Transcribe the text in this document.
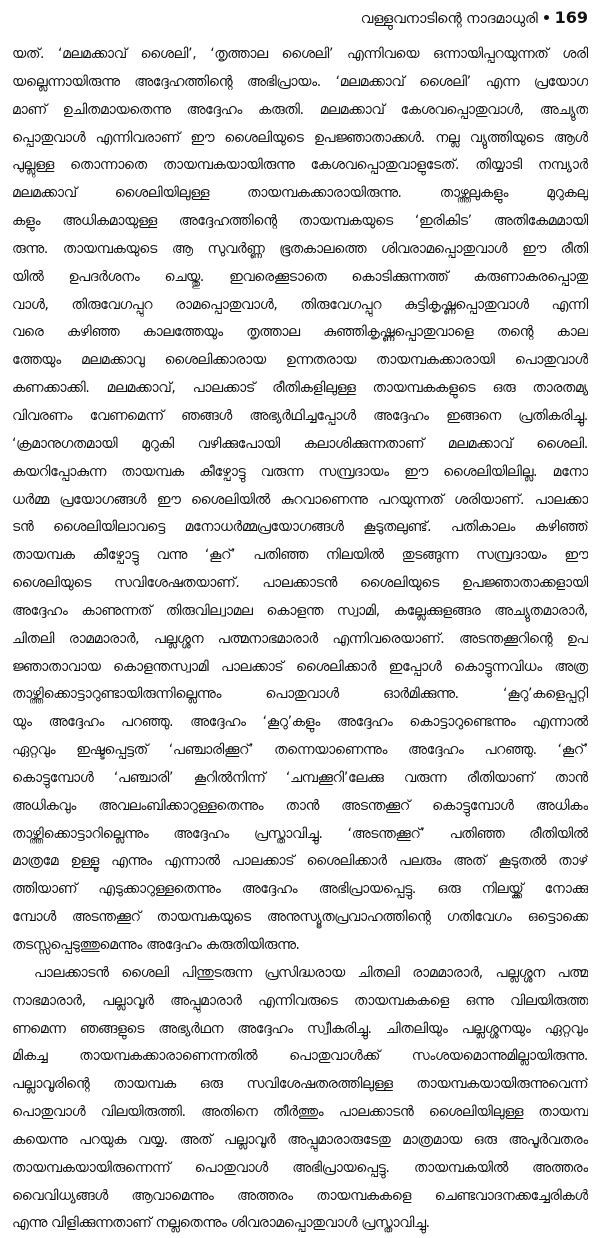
വള്ളുവനാടിന്റെ നാദമാധുരി 169
യത്. ‘മലമക്കാവ് ശൈലി’, ‘തൃത്താല ശൈലി’ എന്നിവയെ ഒന്നായിപ്പറയുന്നത് ശരി
യല്ലെന്നായിരുന്നു അദ്ദേഹത്തിന്റെ അഭിപ്രായം. ‘മലമക്കാവ് ശൈലി’ എന്ന പ്രയോഗ
മാണ് ഉചിതമായതെന്നു അദ്ദേഹം കരുതി. മലമക്കാവ് കേശവപ്പൊതുവാൾ, അച്യുത
പ്പൊതുവാൾ എന്നിവരാണ് ഈ ശൈലിയുടെ ഉപജ്ഞാതാക്കൾ. നല്ല വ്യുത്തിയുടെ ആൾ
പുല്ലുള്ള തൊന്നാതെ തായമ്പകയായിരുന്നു കേശവപ്പൊതുവാളുടേത്. തിയ്യാടി നമ്പ്യാർ
മലമക്കാവ് ശൈലിയിലുള്ള തായമ്പകക്കാരായിരുന്നു. താഴ്ത്തലുകളും മുറുകലു
കളും അധികമായുള്ള അദ്ദേഹത്തിന്റെ തായമ്പകയുടെ ‘ഇരികിട’ അതികേമമായി
രുന്നു. തായമ്പകയുടെ ആ സുവർണ്ണ ഭൂതകാലത്തെ ശിവരാമപ്പൊതുവാൾ ഈ രീതി
യിൽ ഉപദർശനം ചെയ്തു. ഇവരെക്കൂടാതെ കൊടിക്കുന്നത്ത് കരുണാകരപ്പൊതു
വാൾ, തിരുവേഗപ്പുറ രാമപ്പൊതുവാൾ, തിരുവേഗപ്പുറ കുട്ടികൃഷ്ണപ്പൊതുവാൾ എന്നി
വരെ കഴിഞ്ഞ കാലത്തേയും തൃത്താല കുഞ്ഞികൃഷ്ണപ്പൊതുവാളെ തന്റെ കാല
ത്തേയും മലമക്കാവു ശൈലിക്കാരായ ഉന്നതരായ തായമ്പകക്കാരായി പൊതുവാൾ
കണക്കാക്കി. മലമക്കാവ്, പാലക്കാട് രീതികളിലുള്ള തായമ്പകകളുടെ ഒരു താരതമ്യ
വിവരണം വേണമെന്ന് ഞങ്ങൾ അഭ്യർഥിച്ചപ്പോൾ അദ്ദേഹം ഇങ്ങനെ പ്രതികരിച്ചു.
‘ക്രമാനുഗതമായി മുറുകി വഴിക്കുപോയി കലാശിക്കുന്നതാണ് മലമക്കാവ് ശൈലി.
കയറിപ്പോകുന്ന തായമ്പക കീഴ്പോട്ടു വരുന്ന സമ്പ്രദായം ഈ ശൈലിയിലില്ല. മനോ
ധർമ്മ പ്രയോഗങ്ങൾ ഈ ശൈലിയിൽ കുറവാണെന്നു പറയുന്നത് ശരിയാണ്. പാലക്കാ
ടൻ ശൈലിയിലാവട്ടെ മനോധർമ്മപ്രയോഗങ്ങൾ കൂടുതലുണ്ട്. പതികാലം കഴിഞ്ഞ്
തായമ്പക കീഴ്പോട്ടു വന്നു ‘കൂറ്’ പതിഞ്ഞ നിലയിൽ തുടങ്ങുന്ന സമ്പ്രദായം ഈ
ശൈലിയുടെ സവിശേഷതയാണ്. പാലക്കാടൻ ശൈലിയുടെ ഉപജ്ഞാതാക്കളായി
അദ്ദേഹം കാണുന്നത് തിരുവില്വാമല കൊളന്ത സ്വാമി, കല്ലേക്കുളങ്ങര അച്യുതമാരാർ,
ചിതലി രാമമാരാർ, പല്ലശ്ശന പത്മനാഭമാരാർ എന്നിവരെയാണ്. അടന്തക്കൂറിന്റെ ഉപ
ജ്ഞാതാവായ കൊളന്തസ്വാമി പാലക്കാട് ശൈലിക്കാർ ഇപ്പോൾ കൊട്ടുന്നവിധം അത്ര
താഴ്ത്തിക്കൊട്ടാറുണ്ടായിരുന്നില്ലെന്നും പൊതുവാൾ ഓർമിക്കുന്നു. ‘കൂറു’കളെപ്പറ്റി
യും അദ്ദേഹം പറഞ്ഞു. അദ്ദേഹം ‘കൂറു’കളും അദ്ദേഹം കൊട്ടാറുണ്ടെന്നും എന്നാൽ
ഏറ്റവും ഇഷ്ടപ്പെട്ടത് ‘പഞ്ചാരിക്കൂറ്’ തന്നെയാണെന്നും അദ്ദേഹം പറഞ്ഞു. ‘കൂറ്’
കൊട്ടുമ്പോൾ ‘പഞ്ചാരി’ കൂറിൽനിന്ന് ‘ചമ്പക്കൂറി’ലേക്കു വരുന്ന രീതിയാണ് താൻ
അധികവും അവലംബിക്കാറുള്ളതെന്നും താൻ അടന്തക്കൂറ് കൊട്ടുമ്പോൾ അധികം
താഴ്ത്തിക്കൊട്ടാറില്ലെന്നും അദ്ദേഹം പ്രസ്താവിച്ചു. ‘അടന്തക്കൂറ്’ പതിഞ്ഞ രീതിയിൽ
മാത്രമേ ഉള്ളൂ എന്നും എന്നാൽ പാലക്കാട് ശൈലിക്കാർ പലരും അത് കൂടുതൽ താഴ്
ത്തിയാണ് എടുക്കാറുള്ളതെന്നും അദ്ദേഹം അഭിപ്രായപ്പെട്ടു. ഒരു നിലയ്ക്ക് നോക്കു
മ്പോൾ അടന്തക്കൂറ് തായമ്പകയുടെ അനുസ്യൂതപ്രവാഹത്തിന്റെ ഗതിവേഗം ഒട്ടൊക്കെ
തടസ്സപ്പെടുത്തുമെന്നും അദ്ദേഹം കരുതിയിരുന്നു.
പാലക്കാടൻ ശൈലി പിന്തുടരുന്ന പ്രസിദ്ധരായ ചിതലി രാമമാരാർ, പല്ലശ്ശന പത്മ
നാഭമാരാർ, പല്ലാവൂർ അപ്പുമാരാർ എന്നിവരുടെ തായമ്പകകളെ ഒന്നു വിലയിരുത്ത
ണമെന്ന ഞങ്ങളുടെ അഭ്യർഥന അദ്ദേഹം സ്വീകരിച്ചു. ചിതലിയും പല്ലശ്ശനയും ഏറ്റവും
മികച്ച തായമ്പകക്കാരാണെന്നതിൽ പൊതുവാൾക്ക് സംശയമൊന്നുമില്ലായിരുന്നു.
പല്ലാവൂരിന്റെ തായമ്പക ഒരു സവിശേഷതരത്തിലുള്ള തായമ്പകയായിരുന്നുവെന്ന്
പൊതുവാൾ വിലയിരുത്തി. അതിനെ തീർത്തും പാലക്കാടൻ ശൈലിയിലുള്ള തായമ്പ
കയെന്നു പറയുക വയ്യ. അത് പല്ലാവൂർ അപ്പുമാരാരുടേതു മാത്രമായ ഒരു അപൂർവതരം
തായമ്പകയായിരുന്നെന്ന് പൊതുവാൾ അഭിപ്രായപ്പെട്ടു. തായമ്പകയിൽ അത്തരം
വൈവിധ്യങ്ങൾ ആവാമെന്നും അത്തരം തായമ്പകകളെ ചെണ്ടവാദനക്കച്ചേരികൾ
എന്നു വിളിക്കുന്നതാണ് നല്ലതെന്നും ശിവരാമപ്പൊതുവാൾ പ്രസ്താവിച്ചു.
